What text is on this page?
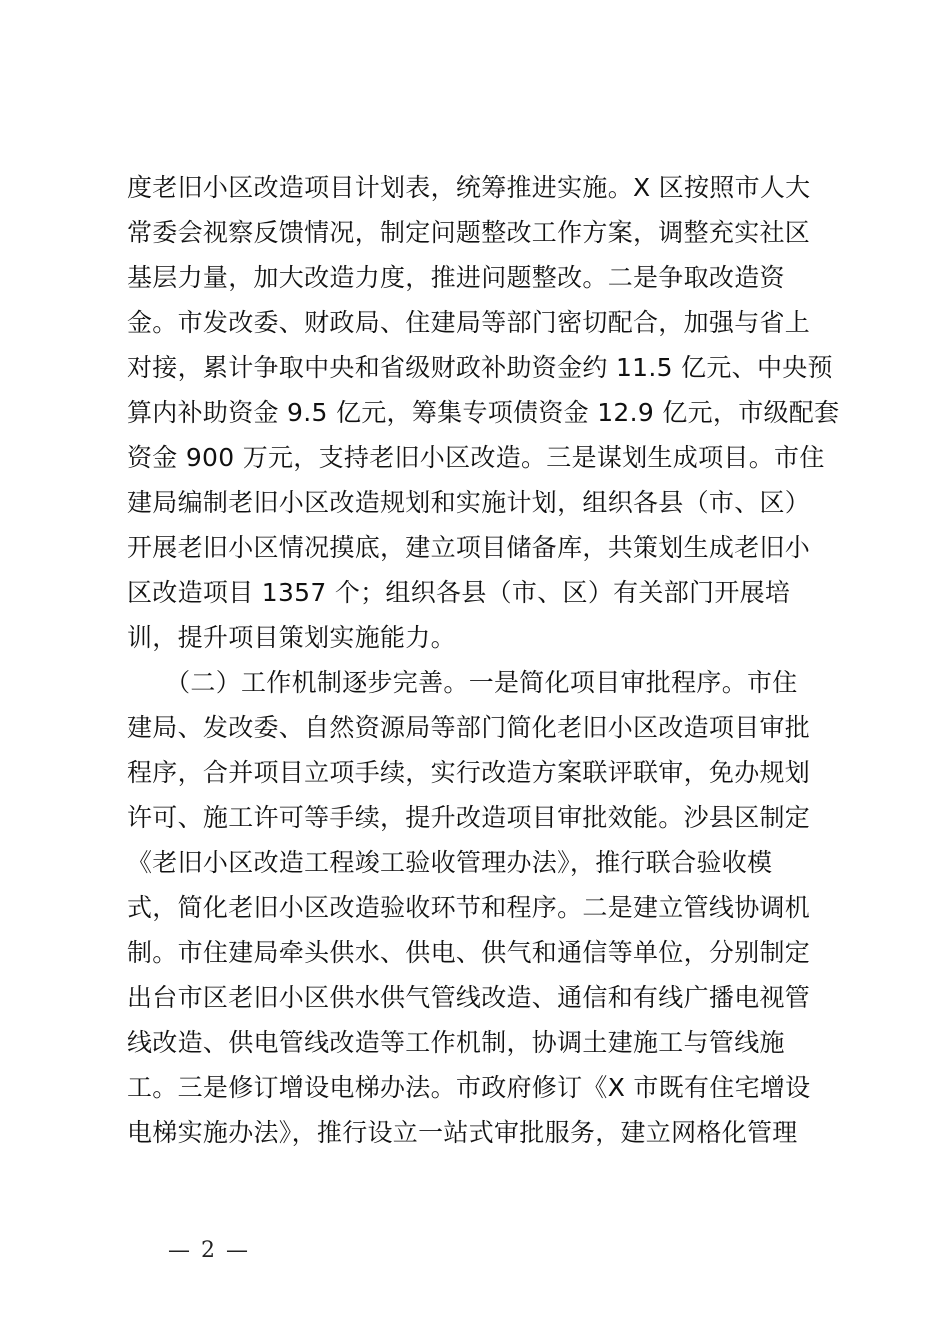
度老旧小区改造项目计划表，统筹推进实施。X 区按照市人大
常委会视察反馈情况，制定问题整改工作方案，调整充实社区
基层力量，加大改造力度，推进问题整改。二是争取改造资
金。市发改委、财政局、住建局等部门密切配合，加强与省上
对接，累计争取中央和省级财政补助资金约 11.5 亿元、中央预
算内补助资金 9.5 亿元，筹集专项债资金 12.9 亿元，市级配套
资金 900 万元，支持老旧小区改造。三是谋划生成项目。市住
建局编制老旧小区改造规划和实施计划，组织各县（市、区）
开展老旧小区情况摸底，建立项目储备库，共策划生成老旧小
区改造项目 1357 个；组织各县（市、区）有关部门开展培
训，提升项目策划实施能力。
　　（二）工作机制逐步完善。一是简化项目审批程序。市住
建局、发改委、自然资源局等部门简化老旧小区改造项目审批
程序，合并项目立项手续，实行改造方案联评联审，免办规划
许可、施工许可等手续，提升改造项目审批效能。沙县区制定
《老旧小区改造工程竣工验收管理办法》，推行联合验收模
式，简化老旧小区改造验收环节和程序。二是建立管线协调机
制。市住建局牵头供水、供电、供气和通信等单位，分别制定
出台市区老旧小区供水供气管线改造、通信和有线广播电视管
线改造、供电管线改造等工作机制，协调土建施工与管线施
工。三是修订增设电梯办法。市政府修订《X 市既有住宅增设
电梯实施办法》，推行设立一站式审批服务，建立网格化管理
— 2 —
